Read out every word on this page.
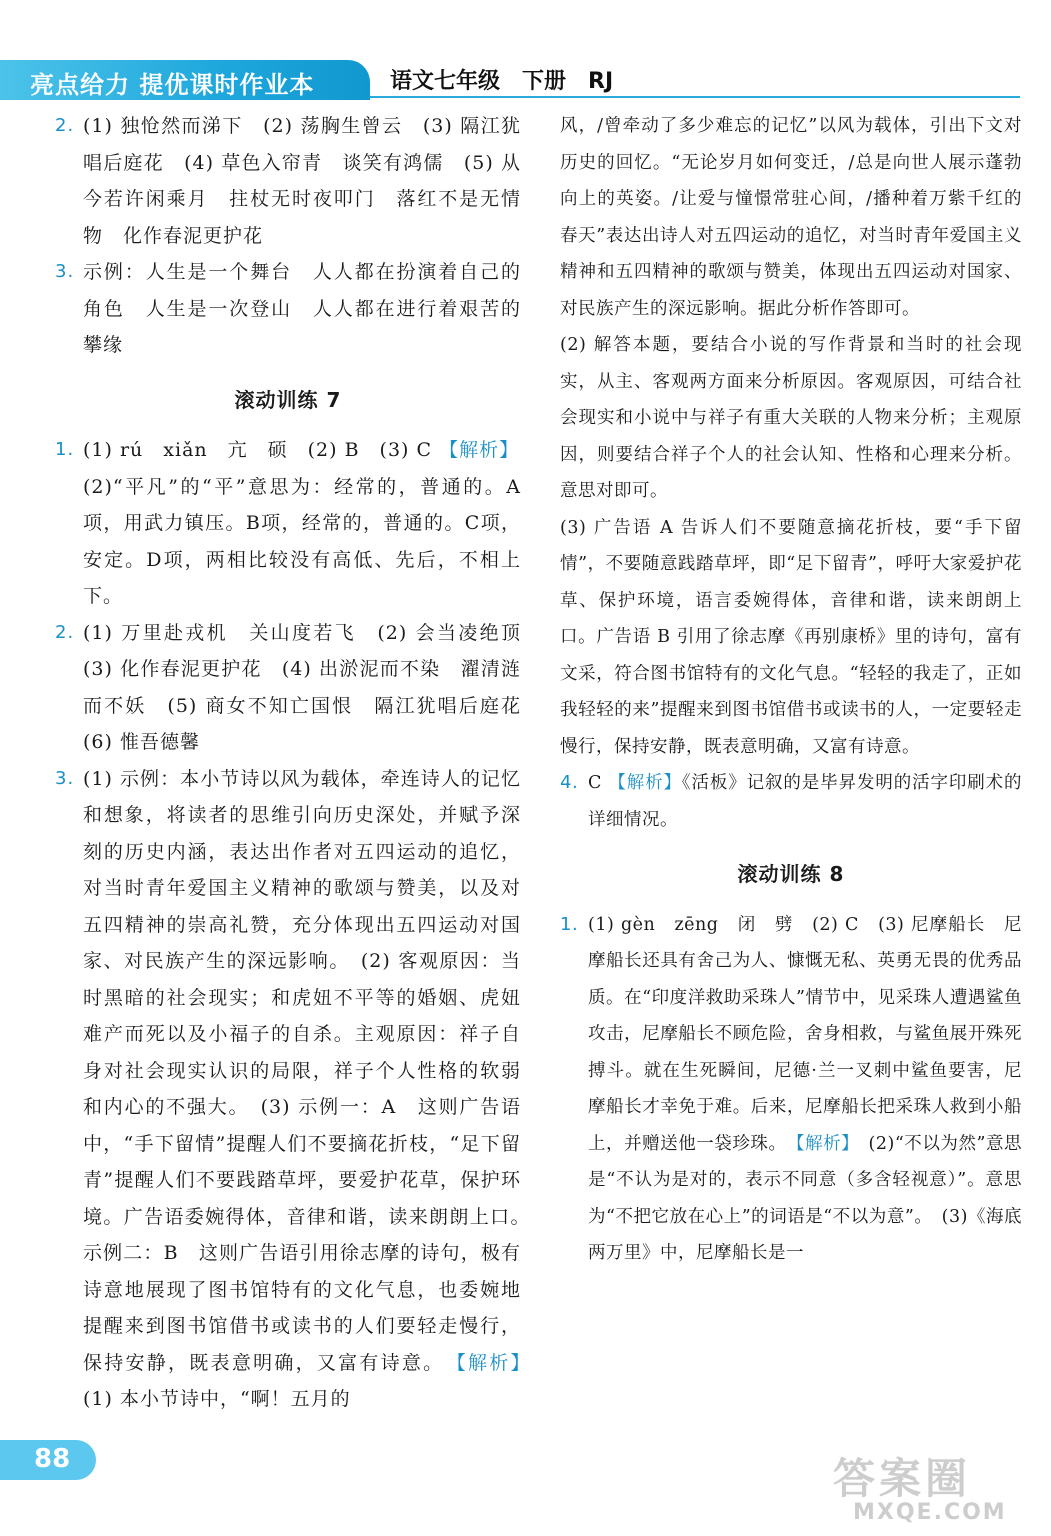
亮点给力 提优课时作业本	语文七年级　下册　RJ

2. (1) 独怆然而涕下　(2) 荡胸生曾云　(3) 隔江犹唱后庭花　(4) 草色入帘青　谈笑有鸿儒　(5) 从今若许闲乘月　拄杖无时夜叩门　落红不是无情物　化作春泥更护花

3. 示例：人生是一个舞台　人人都在扮演着自己的角色　人生是一次登山　人人都在进行着艰苦的攀缘

滚动训练 7

1. (1) rú　xiǎn　亢　硕　(2) B　(3) C 【解析】
(2)“平凡”的“平”意思为：经常的，普通的。A项，用武力镇压。B项，经常的，普通的。C项，安定。D项，两相比较没有高低、先后，不相上下。

2. (1) 万里赴戎机　关山度若飞　(2) 会当凌绝顶　(3) 化作春泥更护花　(4) 出淤泥而不染　濯清涟而不妖　(5) 商女不知亡国恨　隔江犹唱后庭花　(6) 惟吾德馨

3. (1) 示例：本小节诗以风为载体，牵连诗人的记忆和想象，将读者的思维引向历史深处，并赋予深刻的历史内涵，表达出作者对五四运动的追忆，对当时青年爱国主义精神的歌颂与赞美，以及对五四精神的崇高礼赞，充分体现出五四运动对国家、对民族产生的深远影响。　(2) 客观原因：当时黑暗的社会现实；和虎妞不平等的婚姻、虎妞难产而死以及小福子的自杀。主观原因：祥子自身对社会现实认识的局限，祥子个人性格的软弱和内心的不强大。　(3) 示例一：A　这则广告语中，“手下留情”提醒人们不要摘花折枝，“足下留青”提醒人们不要践踏草坪，要爱护花草，保护环境。广告语委婉得体，音律和谐，读来朗朗上口。　示例二：B　这则广告语引用徐志摩的诗句，极有诗意地展现了图书馆特有的文化气息，也委婉地提醒来到图书馆借书或读书的人们要轻走慢行，保持安静，既表意明确，又富有诗意。　 【解析】　(1) 本小节诗中，“啊！五月的

风，/曾牵动了多少难忘的记忆”以风为载体，引出下文对历史的回忆。“无论岁月如何变迁，/总是向世人展示蓬勃向上的英姿。/让爱与憧憬常驻心间，/播种着万紫千红的春天”表达出诗人对五四运动的追忆，对当时青年爱国主义精神和五四精神的歌颂与赞美，体现出五四运动对国家、对民族产生的深远影响。据此分析作答即可。

(2) 解答本题，要结合小说的写作背景和当时的社会现实，从主、客观两方面来分析原因。客观原因，可结合社会现实和小说中与祥子有重大关联的人物来分析；主观原因，则要结合祥子个人的社会认知、性格和心理来分析。意思对即可。

(3) 广告语 A 告诉人们不要随意摘花折枝，要“手下留情”，不要随意践踏草坪，即“足下留青”，呼吁大家爱护花草、保护环境，语言委婉得体，音律和谐，读来朗朗上口。广告语 B 引用了徐志摩《再别康桥》里的诗句，富有文采，符合图书馆特有的文化气息。“轻轻的我走了，正如我轻轻的来”提醒来到图书馆借书或读书的人，一定要轻走慢行，保持安静，既表意明确，又富有诗意。

4. C 【解析】《活板》记叙的是毕昇发明的活字印刷术的详细情况。

滚动训练 8

1. (1) gèn　zēng　闭　劈　(2) C　(3) 尼摩船长　尼摩船长还具有舍己为人、慷慨无私、英勇无畏的优秀品质。在“印度洋救助采珠人”情节中，见采珠人遭遇鲨鱼攻击，尼摩船长不顾危险，舍身相救，与鲨鱼展开殊死搏斗。就在生死瞬间，尼德·兰一叉刺中鲨鱼要害，尼摩船长才幸免于难。后来，尼摩船长把采珠人救到小船上，并赠送他一袋珍珠。　 【解析】　 (2)“不以为然”意思是“不认为是对的，表示不同意（多含轻视意）”。意思为“不把它放在心上”的词语是“不以为意”。　(3)《海底两万里》中，尼摩船长是一

88	答案圈
MXQE.COM
